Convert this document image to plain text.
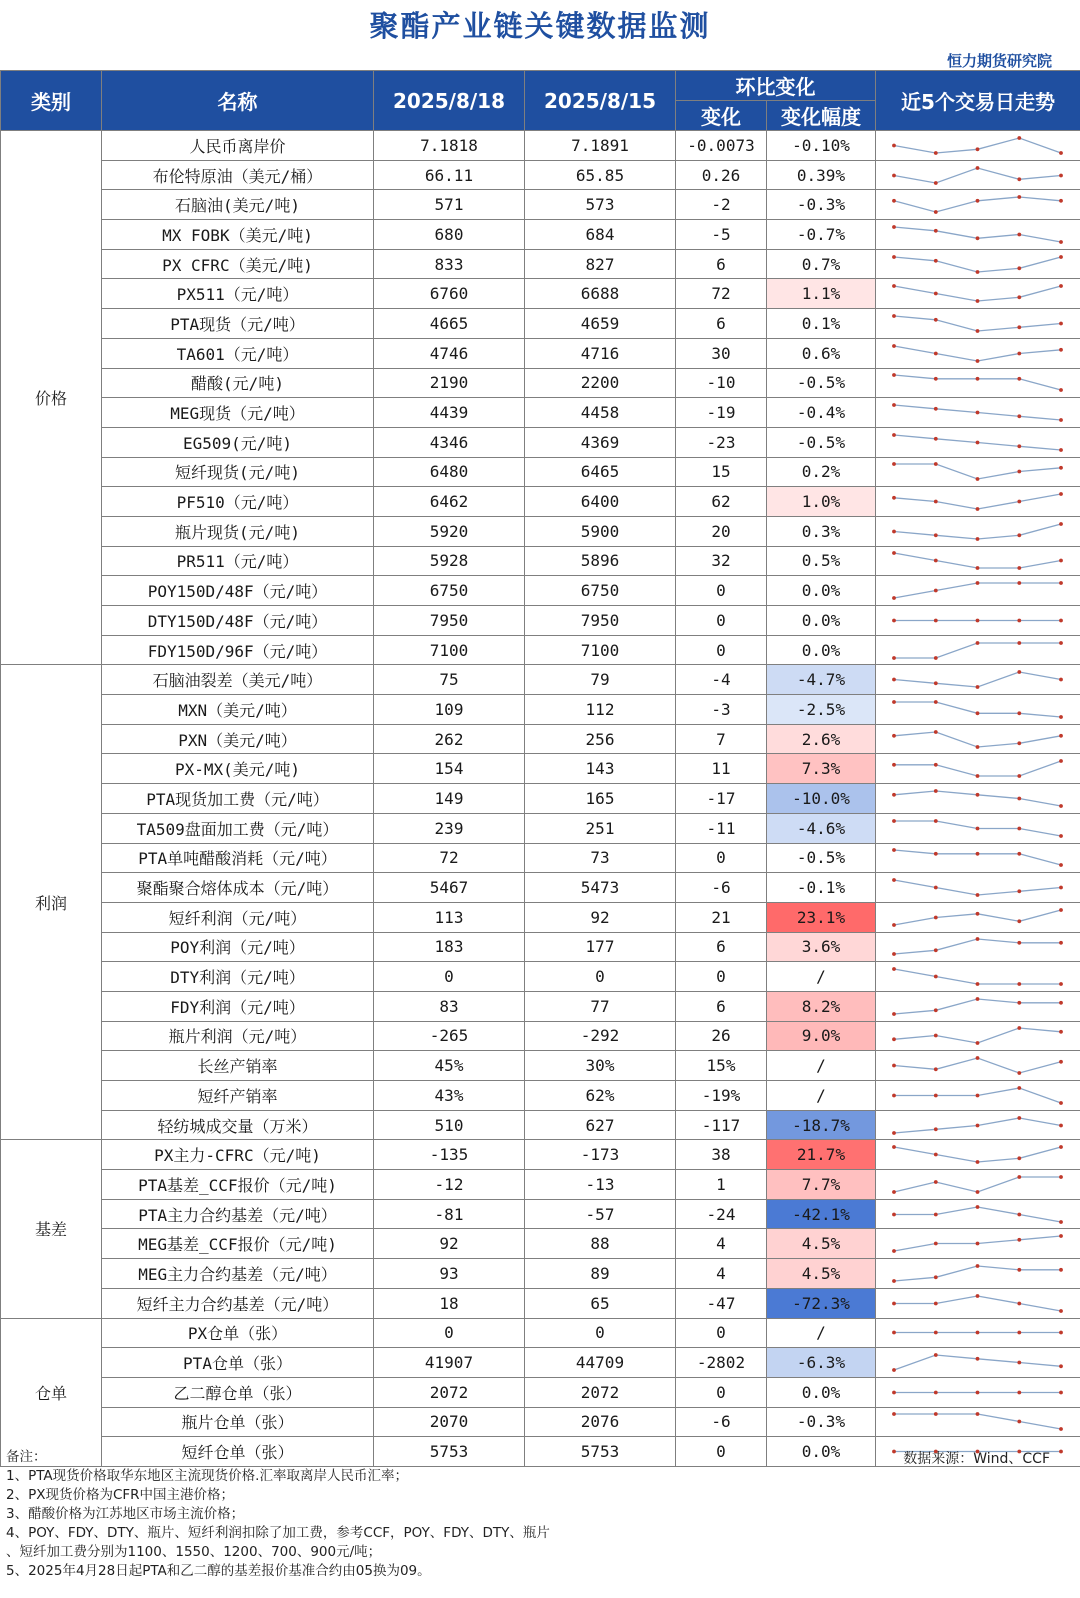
聚酯产业链关键数据监测
恒力期货研究院
类别	名称	2025/8/18	2025/8/15	环比变化		近5个交易日走势
				变化	变化幅度	
价格	人民币离岸价	7.1818	7.1891	-0.0073	-0.10%	

	布伦特原油（美元/桶）	66.11	65.85	0.26	0.39%	

	石脑油(美元/吨)	571	573	-2	-0.3%	

	MX FOBK（美元/吨)	680	684	-5	-0.7%	

	PX CFRC（美元/吨)	833	827	6	0.7%	

	PX511（元/吨）	6760	6688	72	1.1%	

	PTA现货（元/吨）	4665	4659	6	0.1%	

	TA601（元/吨）	4746	4716	30	0.6%	

	醋酸(元/吨)	2190	2200	-10	-0.5%	

	MEG现货（元/吨）	4439	4458	-19	-0.4%	

	EG509(元/吨)	4346	4369	-23	-0.5%	

	短纤现货(元/吨)	6480	6465	15	0.2%	

	PF510（元/吨）	6462	6400	62	1.0%	

	瓶片现货(元/吨)	5920	5900	20	0.3%	

	PR511（元/吨）	5928	5896	32	0.5%	

	POY150D/48F（元/吨）	6750	6750	0	0.0%	

	DTY150D/48F（元/吨）	7950	7950	0	0.0%	

	FDY150D/96F（元/吨）	7100	7100	0	0.0%	

利润	石脑油裂差（美元/吨）	75	79	-4	-4.7%	

	MXN（美元/吨）	109	112	-3	-2.5%	

	PXN（美元/吨）	262	256	7	2.6%	

	PX-MX(美元/吨)	154	143	11	7.3%	

	PTA现货加工费（元/吨）	149	165	-17	-10.0%	

	TA509盘面加工费（元/吨）	239	251	-11	-4.6%	

	PTA单吨醋酸消耗（元/吨）	72	73	0	-0.5%	

	聚酯聚合熔体成本（元/吨）	5467	5473	-6	-0.1%	

	短纤利润（元/吨）	113	92	21	23.1%	

	POY利润（元/吨）	183	177	6	3.6%	

	DTY利润（元/吨）	0	0	0	/	

	FDY利润（元/吨）	83	77	6	8.2%	

	瓶片利润（元/吨）	-265	-292	26	9.0%	

	长丝产销率	45%	30%	15%	/	

	短纤产销率	43%	62%	-19%	/	

	轻纺城成交量（万米）	510	627	-117	-18.7%	

基差	PX主力-CFRC（元/吨)	-135	-173	38	21.7%	

	PTA基差_CCF报价（元/吨)	-12	-13	1	7.7%	

	PTA主力合约基差（元/吨）	-81	-57	-24	-42.1%	

	MEG基差_CCF报价（元/吨)	92	88	4	4.5%	

	MEG主力合约基差（元/吨）	93	89	4	4.5%	

	短纤主力合约基差（元/吨）	18	65	-47	-72.3%	

仓单	PX仓单（张）	0	0	0	/	

	PTA仓单（张）	41907	44709	-2802	-6.3%	

	乙二醇仓单（张）	2072	2072	0	0.0%	

	瓶片仓单（张）	2070	2076	-6	-0.3%	

	短纤仓单（张）	5753	5753	0	0.0%	
备注：
1、PTA现货价格取华东地区主流现货价格.汇率取离岸人民币汇率；
2、PX现货价格为CFR中国主港价格；
3、醋酸价格为江苏地区市场主流价格；
4、POY、FDY、DTY、瓶片、短纤利润扣除了加工费，参考CCF，POY、FDY、DTY、瓶片
、短纤加工费分别为1100、1550、1200、700、900元/吨；
5、2025年4月28日起PTA和乙二醇的基差报价基准合约由05换为09。
数据来源：Wind、CCF
